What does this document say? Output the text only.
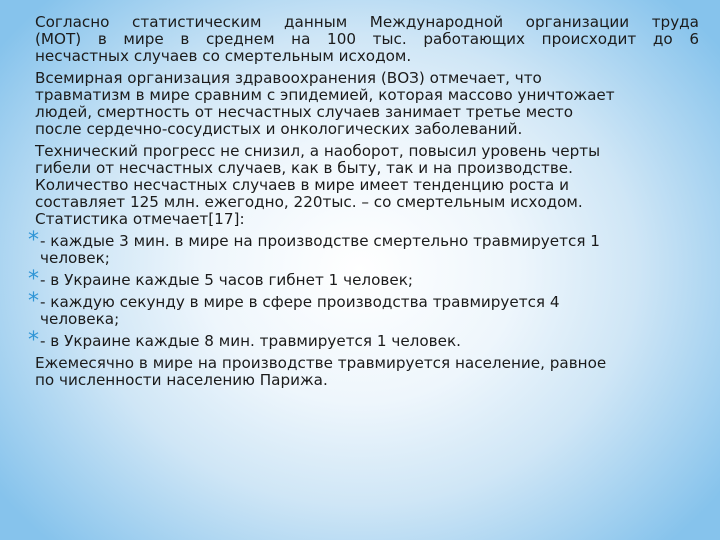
Согласно статистическим данным Международной организации труда
(МОТ) в мире в среднем на 100 тыс. работающих происходит до 6
несчастных случаев со смертельным исходом.
Всемирная организация здравоохранения (ВОЗ) отмечает, что
травматизм в мире сравним с эпидемией, которая массово уничтожает
людей, смертность от несчастных случаев занимает третье место
после сердечно-сосудистых и онкологических заболеваний.
Технический прогресс не снизил, а наоборот, повысил уровень черты
гибели от несчастных случаев, как в быту, так и на производстве.
Количество несчастных случаев в мире имеет тенденцию роста и
составляет 125 млн. ежегодно, 220тыс. – со смертельным исходом.
Статистика отмечает[17]:
* - каждые 3 мин. в мире на производстве смертельно травмируется 1
человек;
* - в Украине каждые 5 часов гибнет 1 человек;
* - каждую секунду в мире в сфере производства травмируется 4
человека;
* - в Украине каждые 8 мин. травмируется 1 человек.
Ежемесячно в мире на производстве травмируется население, равное
по численности населению Парижа.
